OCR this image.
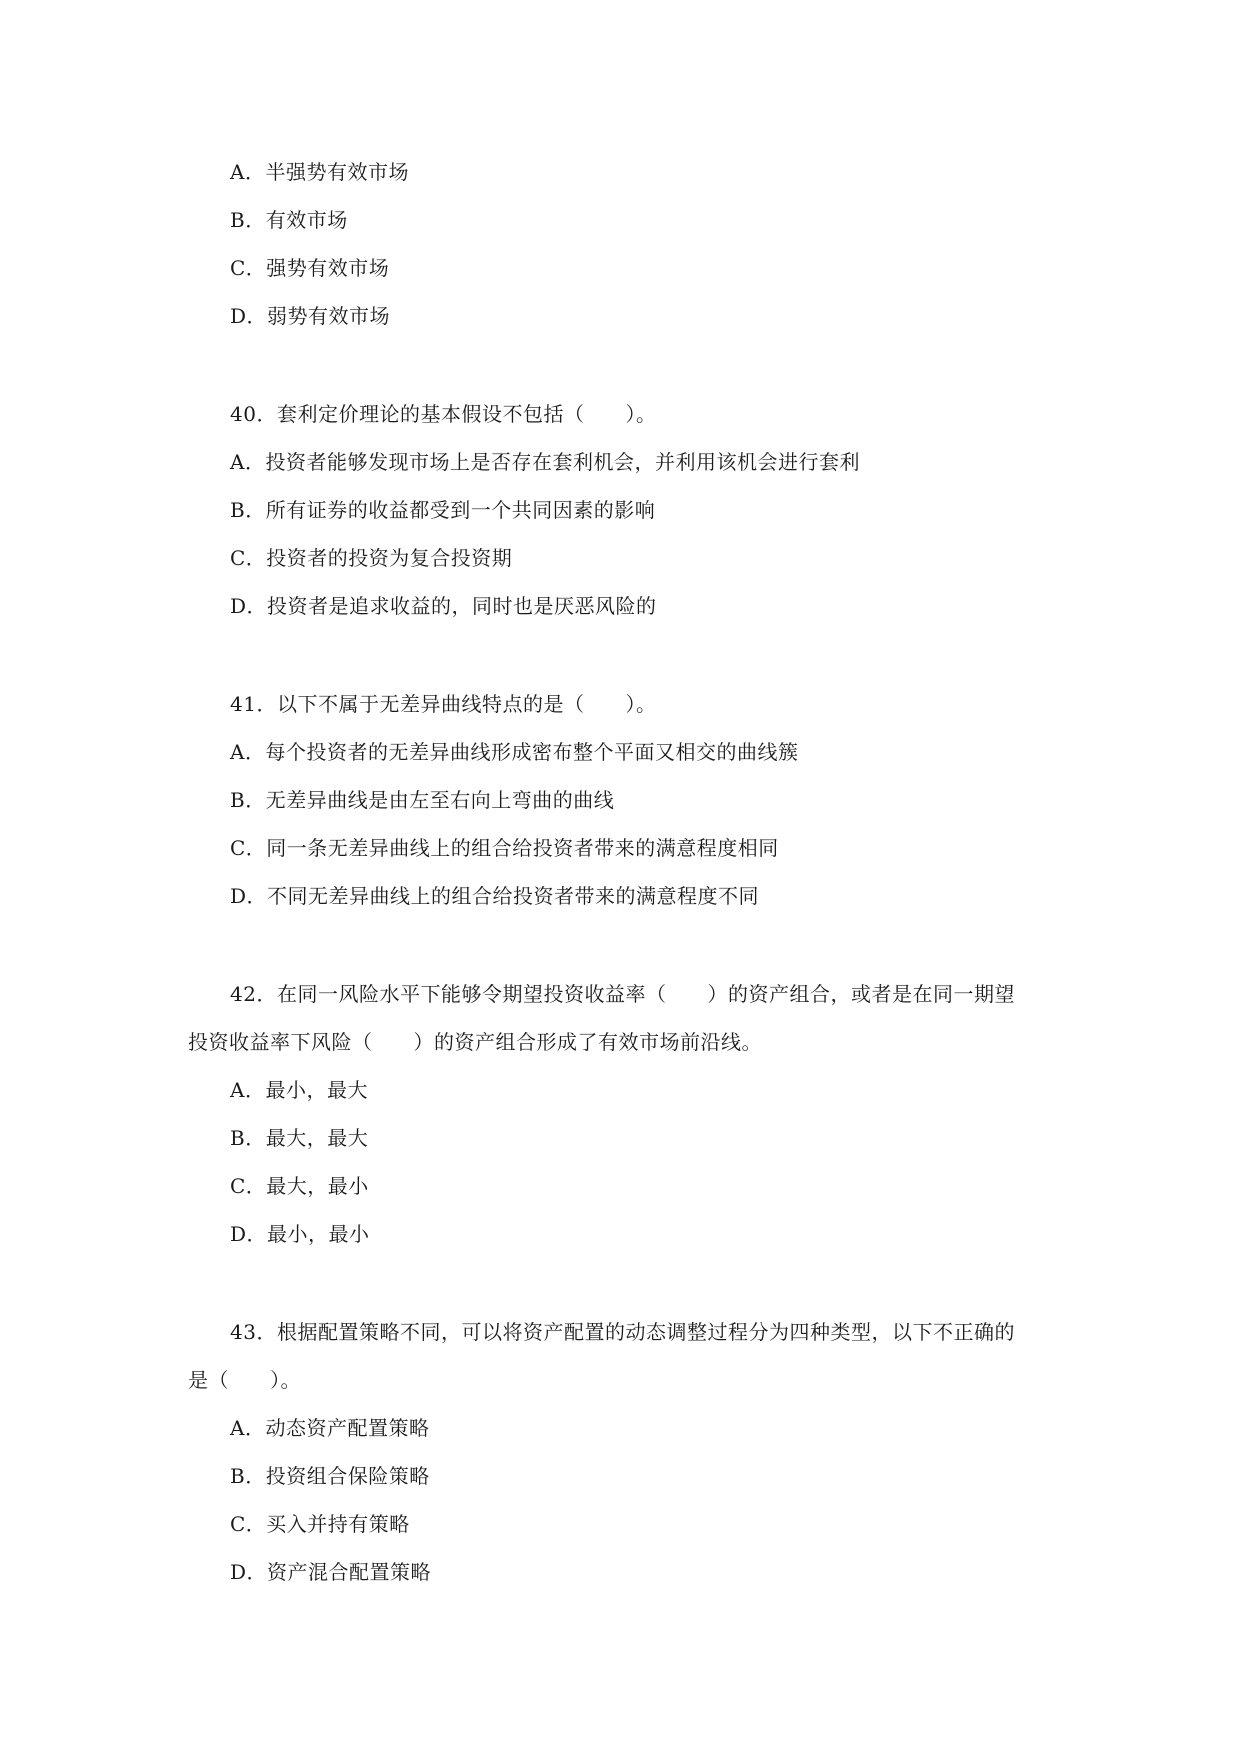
A．半强势有效市场
B．有效市场
C．强势有效市场
D．弱势有效市场
40．套利定价理论的基本假设不包括（　　）。
A．投资者能够发现市场上是否存在套利机会，并利用该机会进行套利
B．所有证券的收益都受到一个共同因素的影响
C．投资者的投资为复合投资期
D．投资者是追求收益的，同时也是厌恶风险的
41．以下不属于无差异曲线特点的是（　　）。
A．每个投资者的无差异曲线形成密布整个平面又相交的曲线簇
B．无差异曲线是由左至右向上弯曲的曲线
C．同一条无差异曲线上的组合给投资者带来的满意程度相同
D．不同无差异曲线上的组合给投资者带来的满意程度不同
42．在同一风险水平下能够令期望投资收益率（　　）的资产组合，或者是在同一期望
投资收益率下风险（　　）的资产组合形成了有效市场前沿线。
A．最小，最大
B．最大，最大
C．最大，最小
D．最小，最小
43．根据配置策略不同，可以将资产配置的动态调整过程分为四种类型，以下不正确的
是（　　）。
A．动态资产配置策略
B．投资组合保险策略
C．买入并持有策略
D．资产混合配置策略
